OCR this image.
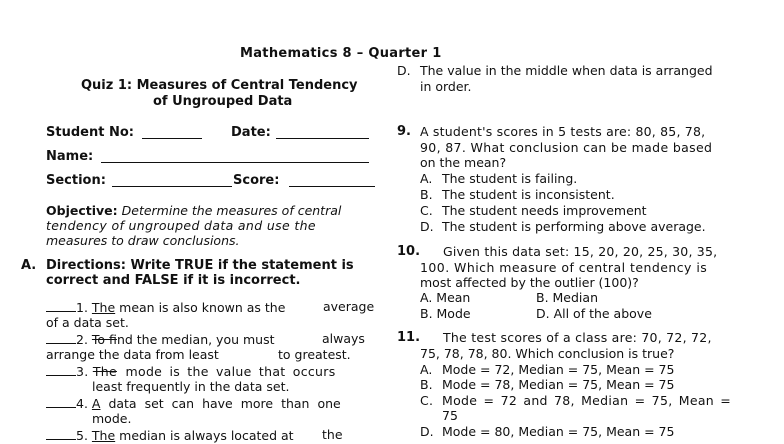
Mathematics 8 – Quarter 1
Quiz 1: Measures of Central Tendency
of Ungrouped Data
Student No:	Date:
Name:
Section:	Score:
Objective: Determine the measures of central
tendency of ungrouped data and use the
measures to draw conclusions.
A. Directions: Write TRUE if the statement is
correct and FALSE if it is incorrect.
1. The mean is also known as the	average
of a data set.
2. To find the median, you must	always
arrange the data from least	to greatest.
3. The mode is the value that occurs
least frequently in the data set.
4. A data set can have more than one
mode.
5. The median is always located at the
D. The value in the middle when data is arranged
in order.
9. A student's scores in 5 tests are: 80, 85, 78,
90, 87. What conclusion can be made based
on the mean?
A. The student is failing.
B. The student is inconsistent.
C. The student needs improvement
D. The student is performing above average.
10. Given this data set: 15, 20, 20, 25, 30, 35,
100. Which measure of central tendency is
most affected by the outlier (100)?
A. Mean	B. Median
B. Mode	D. All of the above
11. The test scores of a class are: 70, 72, 72,
75, 78, 78, 80. Which conclusion is true?
A. Mode = 72, Median = 75, Mean = 75
B. Mode = 78, Median = 75, Mean = 75
C. Mode = 72 and 78, Median = 75, Mean =
75
D. Mode = 80, Median = 75, Mean = 75
